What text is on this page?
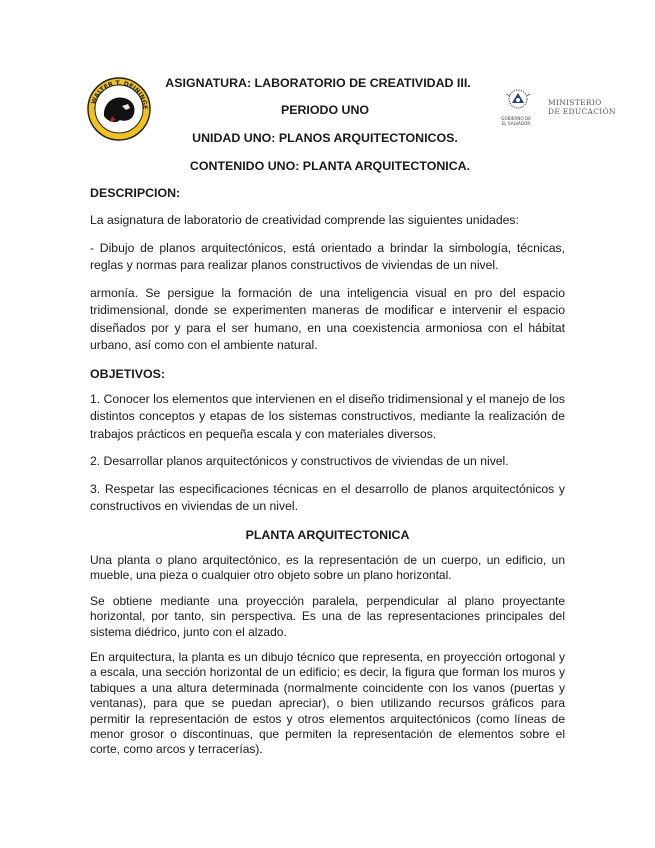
. WALTER T. DEININGE
ASIGNATURA: LABORATORIO DE CREATIVIDAD III.
PERIODO UNO
UNIDAD UNO: PLANOS ARQUITECTONICOS.
CONTENIDO UNO: PLANTA ARQUITECTONICA.
GOBIERNO DE
EL SALVADOR
MINISTERIO
DE EDUCACIÓN

DESCRIPCION:

La asignatura de laboratorio de creatividad comprende las siguientes unidades:

- Dibujo de planos arquitectónicos, está orientado a brindar la simbología, técnicas, reglas y normas para realizar planos constructivos de viviendas de un nivel.

armonía. Se persigue la formación de una inteligencia visual en pro del espacio tridimensional, donde se experimenten maneras de modificar e intervenir el espacio diseñados por y para el ser humano, en una coexistencia armoniosa con el hábitat urbano, así como con el ambiente natural.

OBJETIVOS:

1. Conocer los elementos que intervienen en el diseño tridimensional y el manejo de los distintos conceptos y etapas de los sistemas constructivos, mediante la realización de trabajos prácticos en pequeña escala y con materiales diversos.

2. Desarrollar planos arquitectónicos y constructivos de viviendas de un nivel.

3. Respetar las especificaciones técnicas en el desarrollo de planos arquitectónicos y constructivos en viviendas de un nivel.

PLANTA ARQUITECTONICA

Una planta o plano arquitectónico, es la representación de un cuerpo, un edificio, un mueble, una pieza o cualquier otro objeto sobre un plano horizontal.

Se obtiene mediante una proyección paralela, perpendicular al plano proyectante horizontal, por tanto, sin perspectiva. Es una de las representaciones principales del sistema diédrico, junto con el alzado.

En arquitectura, la planta es un dibujo técnico que representa, en proyección ortogonal y a escala, una sección horizontal de un edificio; es decir, la figura que forman los muros y tabiques a una altura determinada (normalmente coincidente con los vanos (puertas y ventanas), para que se puedan apreciar), o bien utilizando recursos gráficos para permitir la representación de estos y otros elementos arquitectónicos (como líneas de menor grosor o discontinuas, que permiten la representación de elementos sobre el corte, como arcos y terracerías).
